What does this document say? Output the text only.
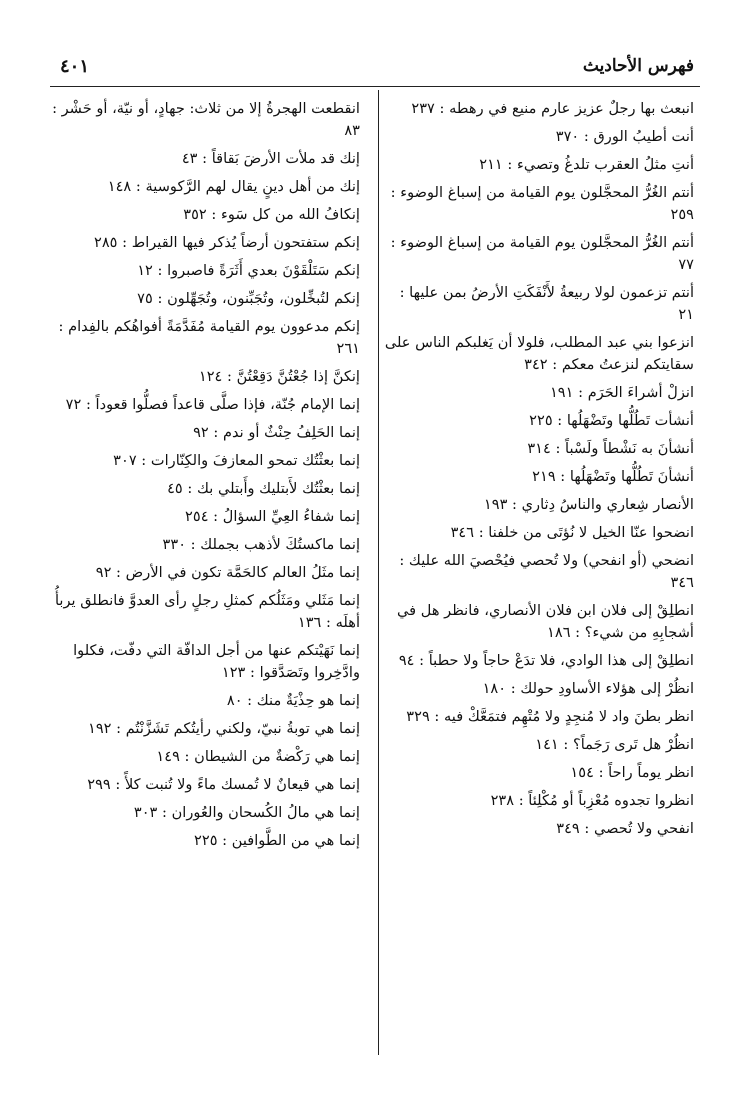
فهرس الأحاديث
٤٠١
انبعث بها رجلٌ عزيز عارم منيع في رهطه : ٢٣٧
أنت أطيبُ الورق : ٣٧٠
أنتِ مثلُ العقرب تلدغُ وتصيء : ٢١١
أنتم الغُرُّ المحجَّلون يوم القيامة من إسباغ الوضوء : ٢٥٩
أنتم الغُرُّ المحجَّلون يوم القيامة من إسباغ الوضوء : ٧٧
أنتم تزعمون لولا ربيعةُ لأَنْفَكَتِ الأرضُ بمن عليها : ٢١
انزعوا بني عبد المطلب، فلولا أن يَغلبكم الناس على سقايتكم لنزعتُ معكم : ٣٤٢
انزلْ أشراءَ الحَرَم : ١٩١
أنشأت تَطُلُّها وتَضْهَلُها : ٢٢٥
أنشأنَ به نَشْطاً ولَسْباً : ٣١٤
أنشأنَ تَطُلُّها وتَضْهَلُها : ٢١٩
الأنصار شِعاري والناسُ دِثاري : ١٩٣
انضحوا عنّا الخيل لا نُؤتَى من خلفنا : ٣٤٦
انضحي (أو انفحي) ولا تُحصي فيُحْصيَ الله عليك : ٣٤٦
انطلِقْ إلى فلان ابن فلان الأنصاري، فانظر هل في أشجابِهِ من شيء؟ : ١٨٦
انطلِقْ إلى هذا الوادي، فلا تدَعْ حاجاً ولا حطباً : ٩٤
انظُرْ إلى هؤلاء الأساودِ حولك : ١٨٠
انظر بطنَ واد لا مُنجِدٍ ولا مُتْهِم فتمَعَّكْ فيه : ٣٢٩
انظُرْ هل تَرى رَجَماً؟ : ١٤١
انظر يوماً راحاً : ١٥٤
انظروا تجدوه مُعْزِباً أو مُكْلِئاً : ٢٣٨
انفحي ولا تُحصي : ٣٤٩
انقطعت الهجرةُ إلا من ثلاث: جهادٍ، أو نيّة، أو حَشْر : ٨٣
إنك قد ملأت الأرضَ بَقاقاً : ٤٣
إنك من أهل دينٍ يقال لهم الرَّكوسية : ١٤٨
إنكافُ الله من كل سَوء : ٣٥٢
إنكم ستفتحون أرضاً يُذكر فيها القيراط : ٢٨٥
إنكم سَتَلْقَوْنَ بعدي أَثَرَةً فاصبروا : ١٢
إنكم لتُبخِّلون، وتُجَبِّنون، وتُجَهِّلون : ٧٥
إنكم مدعوون يوم القيامة مُفَدَّمَةً أفواهُكم بالفِدام : ٢٦١
إنكنَّ إذا جُعْتُنَّ دَقِعْتُنَّ : ١٢٤
إنما الإمام جُنّة، فإذا صلَّى قاعداً فصلُّوا قعوداً : ٧٢
إنما الحَلِفُ حِنْثٌ أو ندم : ٩٢
إنما بعثْتُك تمحو المعازفَ والكِنّارات : ٣٠٧
إنما بعثْتُك لأَبتليك وأَبتلي بك : ٤٥
إنما شفاءُ العِيِّ السؤالُ : ٢٥٤
إنما ماكستُكَ لأذهب بجملك : ٣٣٠
إنما مثَلُ العالم كالحَمَّة تكون في الأرض : ٩٢
إنما مَثَلي ومَثَلُكم كمثلِ رجلٍ رأى العدوَّ فانطلق يربأُ أهلَه : ١٣٦
إنما نَهَيْتكم عنها من أجل الدافّة التي دفّت، فكلوا وادَّخِروا وتَصَدَّقوا : ١٢٣
إنما هو حِذْيَةٌ منك : ٨٠
إنما هي توبةُ نبيّ، ولكني رأيتُكم تَشَزَّنْتُم : ١٩٢
إنما هي رَكْضةٌ من الشيطان : ١٤٩
إنما هي قيعانٌ لا تُمسك ماءً ولا تُنبت كلأً : ٢٩٩
إنما هي مالُ الكُسحان والعُوران : ٣٠٣
إنما هي من الطَّوافين : ٢٢٥
